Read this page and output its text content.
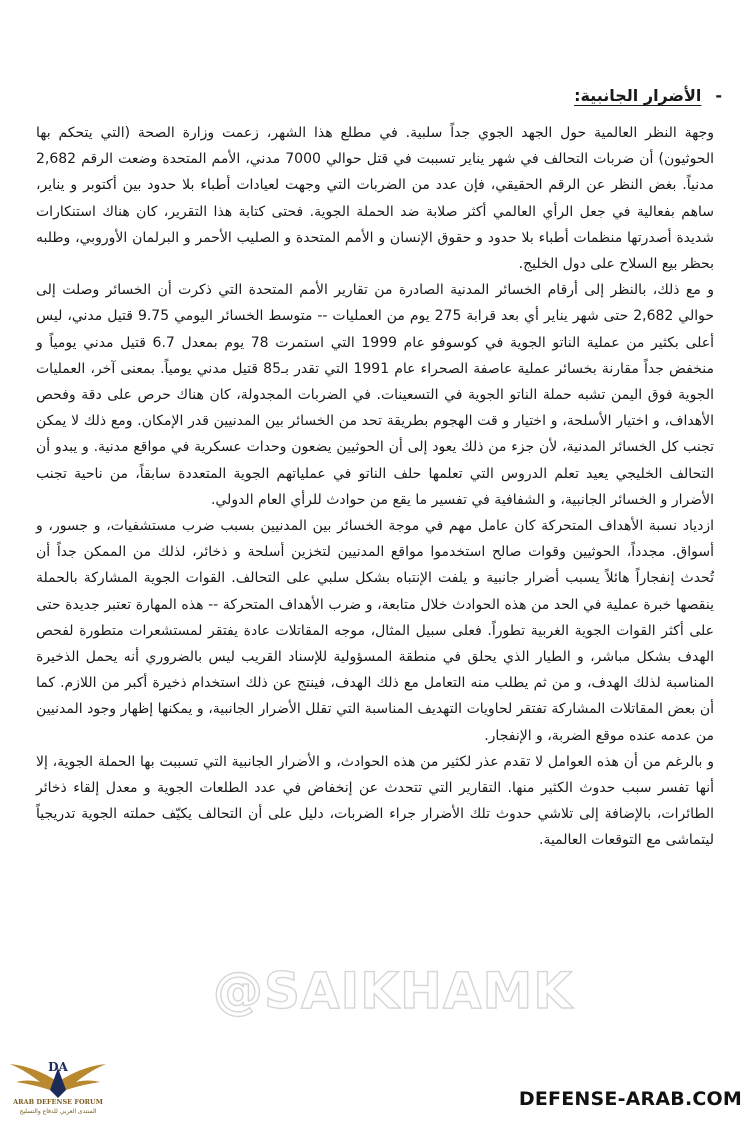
-
الأضرار الجانبية:

وجهة النظر العالمية حول الجهد الجوي جداً سلبية. في مطلع هذا الشهر، زعمت وزارة الصحة (التي يتحكم بها الحوثيون) أن ضربات التحالف في شهر يناير تسببت في قتل حوالي 7000 مدني، الأمم المتحدة وضعت الرقم 2,682 مدنياً. بغض النظر عن الرقم الحقيقي، فإن عدد من الضربات التي وجهت لعيادات أطباء بلا حدود بين أكتوبر و يناير، ساهم بفعالية في جعل الرأي العالمي أكثر صلابة ضد الحملة الجوية. فحتى كتابة هذا التقرير، كان هناك استنكارات شديدة أصدرتها منظمات أطباء بلا حدود و حقوق الإنسان و الأمم المتحدة و الصليب الأحمر و البرلمان الأوروبي، وطلبه بحظر بيع السلاح على دول الخليج.

و مع ذلك، بالنظر إلى أرقام الخسائر المدنية الصادرة من تقارير الأمم المتحدة التي ذكرت أن الخسائر وصلت إلى حوالي 2,682 حتى شهر يناير أي بعد قرابة 275 يوم من العمليات -- متوسط الخسائر اليومي 9.75 قتيل مدني، ليس أعلى بكثير من عملية الناتو الجوية في كوسوفو عام 1999 التي استمرت 78 يوم بمعدل 6.7 قتيل مدني يومياً و منخفض جداً مقارنة بخسائر عملية عاصفة الصحراء عام 1991 التي تقدر بـ85 قتيل مدني يومياً. بمعنى آخر، العمليات الجوية فوق اليمن تشبه حملة الناتو الجوية في التسعينات. في الضربات المجدولة، كان هناك حرص على دقة وفحص الأهداف، و اختيار الأسلحة، و اختيار و قت الهجوم بطريقة تحد من الخسائر بين المدنيين قدر الإمكان. ومع ذلك لا يمكن تجنب كل الخسائر المدنية، لأن جزء من ذلك يعود إلى أن الحوثيين يضعون وحدات عسكرية في مواقع مدنية. و يبدو أن التحالف الخليجي يعيد تعلم الدروس التي تعلمها حلف الناتو في عملياتهم الجوية المتعددة سابقاً، من ناحية تجنب الأضرار و الخسائر الجانبية، و الشفافية في تفسير ما يقع من حوادث للرأي العام الدولي.

ازدياد نسبة الأهداف المتحركة كان عامل مهم في موجة الخسائر بين المدنيين بسبب ضرب مستشفيات، و جسور، و أسواق. مجدداً، الحوثيين وقوات صالح استخدموا مواقع المدنيين لتخزين أسلحة و ذخائر، لذلك من الممكن جداً أن تُحدث إنفجاراً هائلاً يسبب أضرار جانبية و يلفت الإنتباه بشكل سلبي على التحالف. القوات الجوية المشاركة بالحملة ينقصها خبرة عملية في الحد من هذه الحوادث خلال متابعة، و ضرب الأهداف المتحركة -- هذه المهارة تعتبر جديدة حتى على أكثر القوات الجوية الغربية تطوراً. فعلى سبيل المثال، موجه المقاتلات عادة يفتقر لمستشعرات متطورة لفحص الهدف بشكل مباشر، و الطيار الذي يحلق في منطقة المسؤولية للإسناد القريب ليس بالضروري أنه يحمل الذخيرة المناسبة لذلك الهدف، و من ثم يطلب منه التعامل مع ذلك الهدف، فينتج عن ذلك استخدام ذخيرة أكبر من اللازم. كما أن بعض المقاتلات المشاركة تفتقر لحاويات التهديف المناسبة التي تقلل الأضرار الجانبية، و يمكنها إظهار وجود المدنيين من عدمه عنده موقع الضربة، و الإنفجار.

و بالرغم من أن هذه العوامل لا تقدم عذر لكثير من هذه الحوادث، و الأضرار الجانبية التي تسببت بها الحملة الجوية، إلا أنها تفسر سبب حدوث الكثير منها. التقارير التي تتحدث عن إنخفاض في عدد الطلعات الجوية و معدل إلقاء ذخائر الطائرات، بالإضافة إلى تلاشي حدوث تلك الأضرار جراء الضربات، دليل على أن التحالف يكيّف حملته الجوية تدريجياً ليتماشى مع التوقعات العالمية.

@SAIKHAMK
DA
ARAB DEFENSE FORUM
المنتدى العربي للدفاع والتسليح
DEFENSE-ARAB.COM
